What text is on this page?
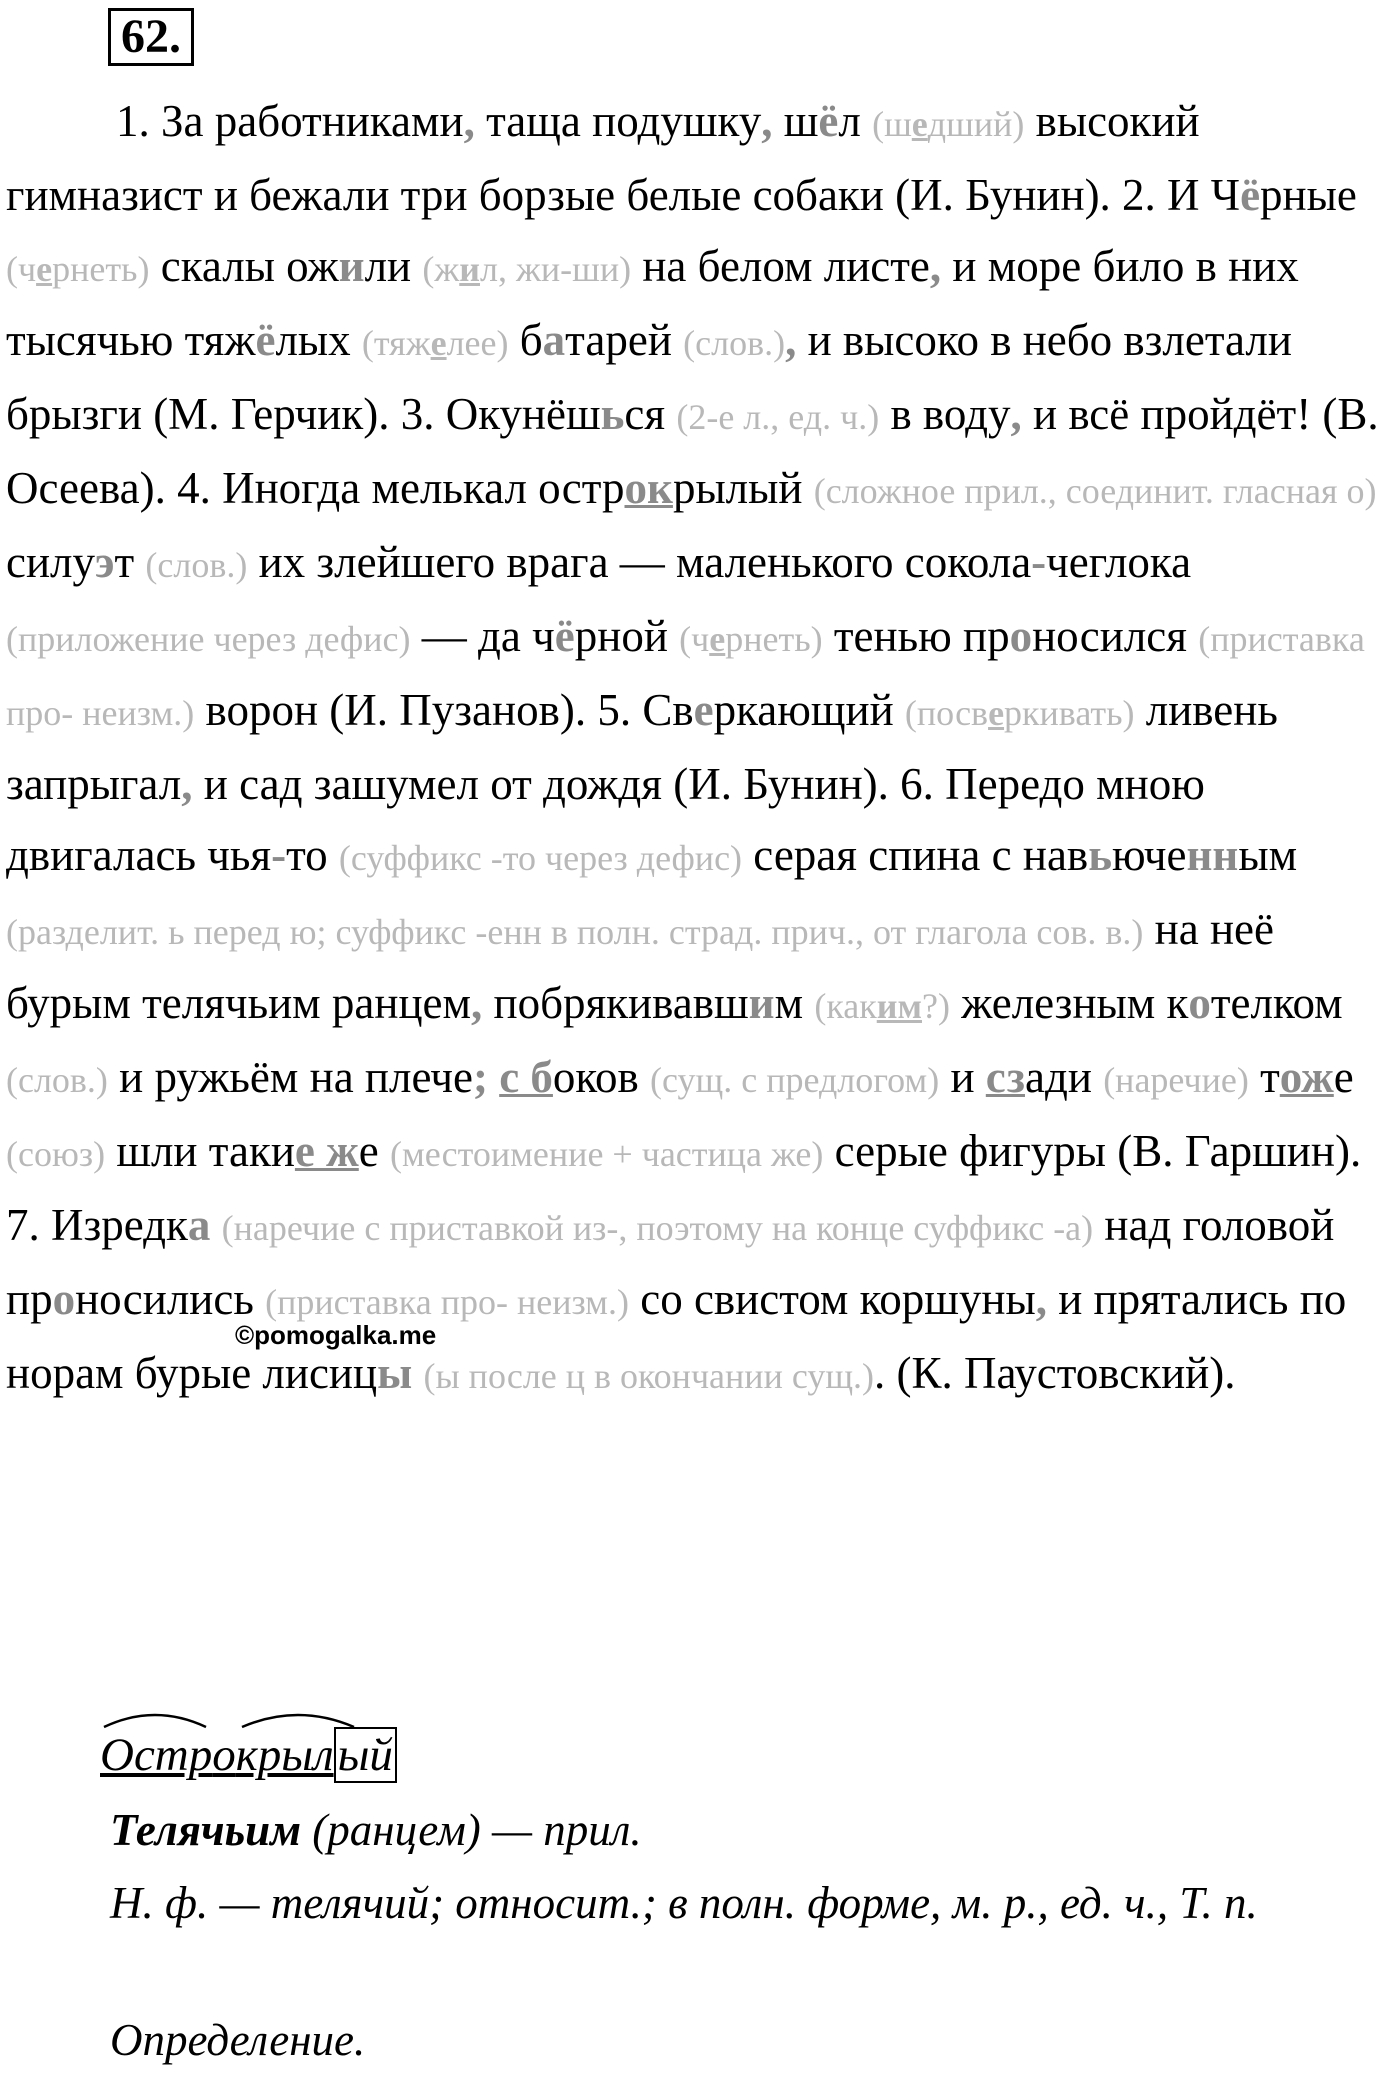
62.
1. За работниками, таща подушку, шёл (шедший) высокий гимназист и бежали три борзые белые собаки (И. Бунин). 2. И Чёрные (чернеть) скалы ожили (жил, жи-ши) на белом листе, и море било в них тысячью тяжёлых (тяжелее) батарей (слов.), и высоко в небо взлетали брызги (М. Герчик). 3. Окунёшься (2-е л., ед. ч.) в воду, и всё пройдёт! (В. Осеева). 4. Иногда мелькал острокрылый (сложное прил., соединит. гласная о) силуэт (слов.) их злейшего врага — маленького сокола-чеглока (приложение через дефис) — да чёрной (чернеть) тенью проносился (приставка про- неизм.) ворон (И. Пузанов). 5. Сверкающий (посверкивать) ливень запрыгал, и сад зашумел от дождя (И. Бунин). 6. Передо мною двигалась чья-то (суффикс -то через дефис) серая спина с навьюченным (разделит. ь перед ю; суффикс -енн в полн. страд. прич., от глагола сов. в.) на неё бурым телячьим ранцем, побрякивавшим (каким?) железным котелком (слов.) и ружьём на плече; с боков (сущ. с предлогом) и сзади (наречие) тоже (союз) шли такие же (местоимение + частица же) серые фигуры (В. Гаршин). 7. Изредка (наречие с приставкой из-, поэтому на конце суффикс -а) над головой проносились (приставка про- неизм.) со свистом коршуны, и прятались по норам бурые лисицы (ы после ц в окончании сущ.). (К. Паустовский).
©pomogalka.me
Острокрылый
Телячьим (ранцем) — прил.
Н. ф. — телячий; относит.; в полн. форме, м. р., ед. ч., Т. п.
Определение.
